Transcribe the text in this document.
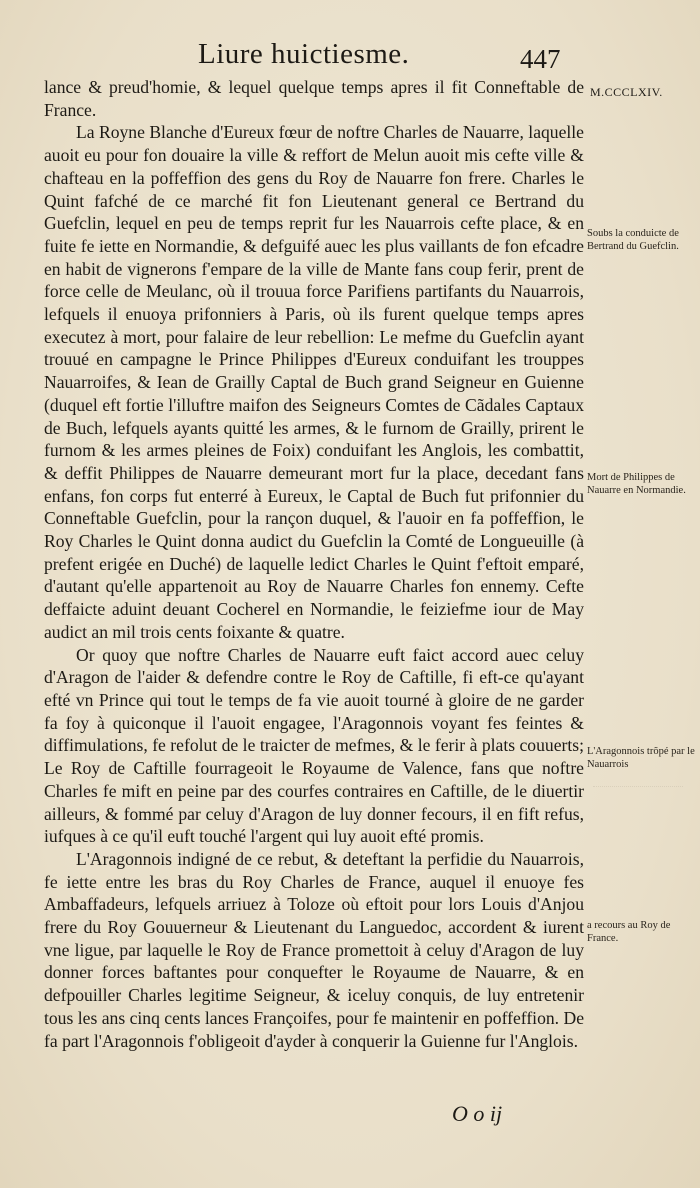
Liure huictiesme.	447
M.CCCLXIV.

lance & preud'homie, & lequel quelque temps apres il fit Conneftable de France.

La Royne Blanche d'Eureux fœur de noftre Charles de Nauarre, laquelle auoit eu pour fon douaire la ville & reffort de Melun auoit mis cefte ville & chafteau en la poffeffion des gens du Roy de Nauarre fon frere. Charles le Quint fafché de ce marché fit fon Lieutenant general ce Bertrand du Guefclin, lequel en peu de temps reprit fur les Nauarrois cefte place, & en fuite fe iette en Normandie, & defguifé auec les plus vaillants de fon efcadre en habit de vignerons f'empare de la ville de Mante fans coup ferir, prent de force celle de Meulanc, où il trouua force Parifiens partifants du Nauarrois, lefquels il enuoya prifonniers à Paris, où ils furent quelque temps apres executez à mort, pour falaire de leur rebellion: Le mefme du Guefclin ayant trouué en campagne le Prince Philippes d'Eureux conduifant les trouppes Nauarroifes, & Iean de Grailly Captal de Buch grand Seigneur en Guienne (duquel eft fortie l'illuftre maifon des Seigneurs Comtes de Cãdales Captaux de Buch, lefquels ayants quitté les armes, & le furnom de Grailly, prirent le furnom & les armes pleines de Foix) conduifant les Anglois, les combattit, & deffit Philippes de Nauarre demeurant mort fur la place, decedant fans enfans, fon corps fut enterré à Eureux, le Captal de Buch fut prifonnier du Conneftable Guefclin, pour la rançon duquel, & l'auoir en fa poffeffion, le Roy Charles le Quint donna audict du Guefclin la Comté de Longueuille (à prefent erigée en Duché) de laquelle ledict Charles le Quint f'eftoit emparé, d'autant qu'elle appartenoit au Roy de Nauarre Charles fon ennemy. Cefte deffaicte aduint deuant Cocherel en Normandie, le feiziefme iour de May audict an mil trois cents foixante & quatre.

Or quoy que noftre Charles de Nauarre euft faict accord auec celuy d'Aragon de l'aider & defendre contre le Roy de Caftille, fi eft-ce qu'ayant efté vn Prince qui tout le temps de fa vie auoit tourné à gloire de ne garder fa foy à quiconque il l'auoit engagee, l'Aragonnois voyant fes feintes & diffimulations, fe refolut de le traicter de mefmes, & le ferir à plats couuerts; Le Roy de Caftille fourrageoit le Royaume de Valence, fans que noftre Charles fe mift en peine par des courfes contraires en Caftille, de le diuertir ailleurs, & fommé par celuy d'Aragon de luy donner fecours, il en fift refus, iufques à ce qu'il euft touché l'argent qui luy auoit efté promis.

L'Aragonnois indigné de ce rebut, & deteftant la perfidie du Nauarrois, fe iette entre les bras du Roy Charles de France, auquel il enuoye fes Ambaffadeurs, lefquels arriuez à Toloze où eftoit pour lors Louis d'Anjou frere du Roy Gouuerneur & Lieutenant du Languedoc, accordent & iurent vne ligue, par laquelle le Roy de France promettoit à celuy d'Aragon de luy donner forces baftantes pour conquefter le Royaume de Nauarre, & en defpouiller Charles legitime Seigneur, & iceluy conquis, de luy entretenir tous les ans cinq cents lances Françoifes, pour fe maintenir en poffeffion. De fa part l'Aragonnois f'obligeoit d'ayder à conquerir la Guienne fur l'Anglois.

Soubs la conduicte de Bertrand du Guefclin.
Mort de Philippes de Nauarre en Normandie.
L'Aragonnois trõpé par le Nauarrois
a recours au Roy de France.
O o ij
